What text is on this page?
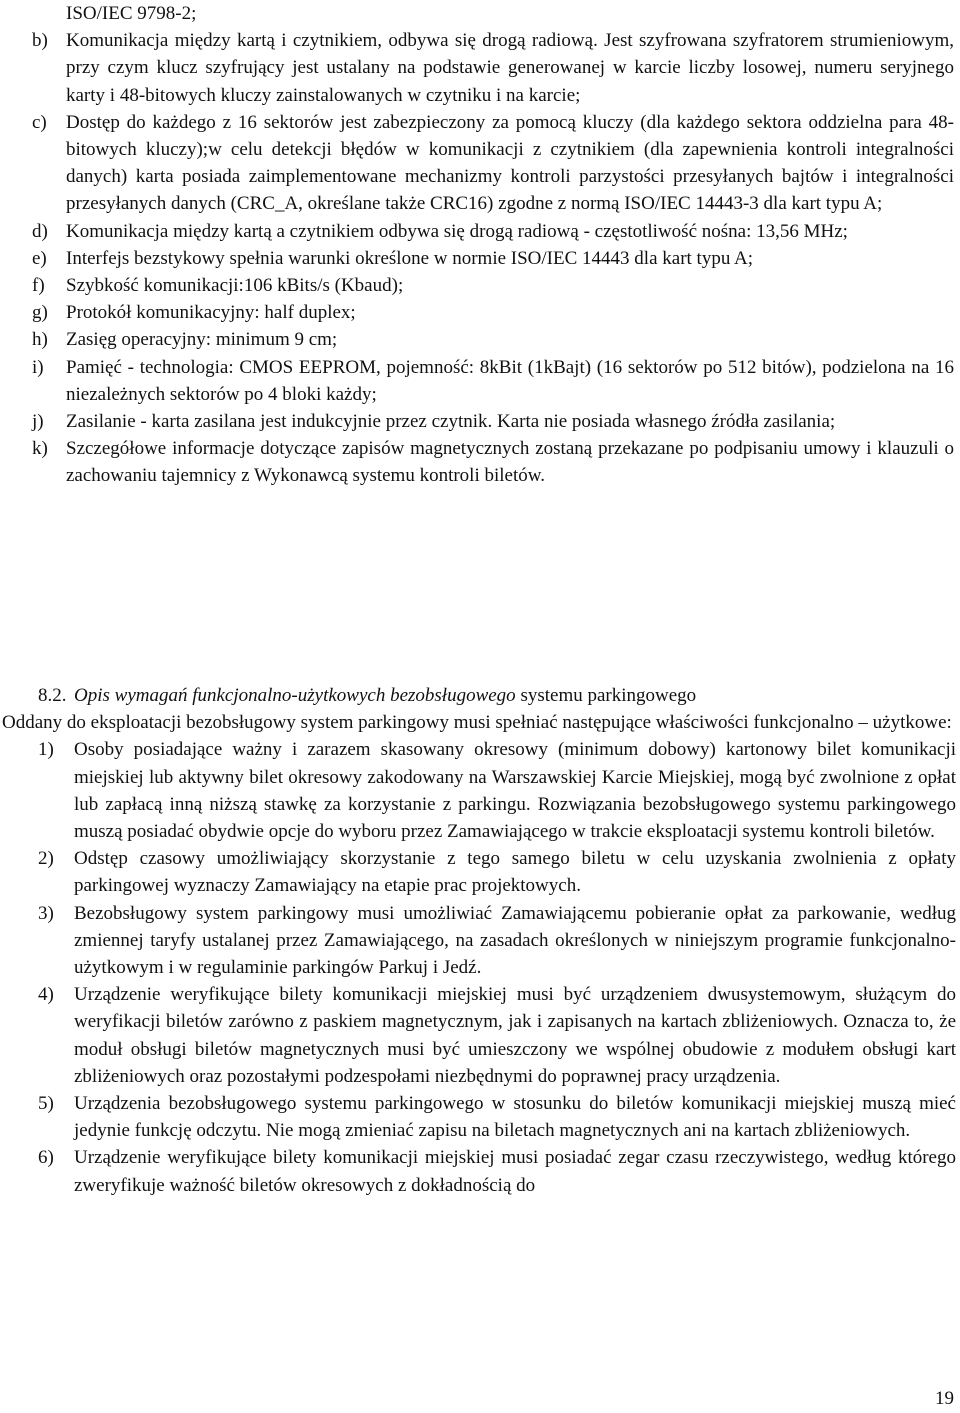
ISO/IEC 9798-2;

b) Komunikacja między kartą i czytnikiem, odbywa się drogą radiową. Jest szyfrowana szyfratorem strumieniowym, przy czym klucz szyfrujący jest ustalany na podstawie generowanej w karcie liczby losowej, numeru seryjnego karty i 48-bitowych kluczy zainstalowanych w czytniku i na karcie;
c)	Dostęp do każdego z 16 sektorów jest zabezpieczony za pomocą kluczy (dla każdego sektora oddzielna para 48-bitowych kluczy);w celu detekcji błędów w komunikacji z czytnikiem (dla zapewnienia kontroli integralności danych) karta posiada zaimplementowane mechanizmy kontroli parzystości przesyłanych bajtów i integralności przesyłanych danych (CRC_A, określane także CRC16) zgodne z normą ISO/IEC 14443-3 dla kart typu A;
d) Komunikacja między kartą a czytnikiem odbywa się drogą radiową - częstotliwość nośna: 13,56 MHz;
e)	Interfejs bezstykowy spełnia warunki określone w normie ISO/IEC 14443 dla kart typu A;
f)	Szybkość komunikacji:106 kBits/s (Kbaud);
g) Protokół komunikacyjny: half duplex;
h) Zasięg operacyjny: minimum 9 cm;
i)	Pamięć - technologia: CMOS EEPROM, pojemność: 8kBit (1kBajt) (16 sektorów po 512 bitów), podzielona na 16 niezależnych sektorów po 4 bloki każdy;
j)	Zasilanie - karta zasilana jest indukcyjnie przez czytnik. Karta nie posiada własnego źródła zasilania;
k) Szczegółowe informacje dotyczące zapisów magnetycznych zostaną przekazane po podpisaniu umowy i klauzuli o zachowaniu tajemnicy z Wykonawcą systemu kontroli biletów.

8.2. Opis wymagań funkcjonalno-użytkowych bezobsługowego systemu parkingowego

Oddany do eksploatacji bezobsługowy system parkingowy musi spełniać następujące właściwości funkcjonalno – użytkowe:

1)	Osoby posiadające ważny i zarazem skasowany okresowy (minimum dobowy) kartonowy bilet komunikacji miejskiej lub aktywny bilet okresowy zakodowany na Warszawskiej Karcie Miejskiej, mogą być zwolnione z opłat lub zapłacą inną niższą stawkę za korzystanie z parkingu. Rozwiązania bezobsługowego systemu parkingowego muszą posiadać obydwie opcje do wyboru przez Zamawiającego w trakcie eksploatacji systemu kontroli biletów.
2)	Odstęp czasowy umożliwiający skorzystanie z tego samego biletu w celu uzyskania zwolnienia z opłaty parkingowej wyznaczy Zamawiający na etapie prac projektowych.
3)	Bezobsługowy system parkingowy musi umożliwiać Zamawiającemu pobieranie opłat za parkowanie, według zmiennej taryfy ustalanej przez Zamawiającego, na zasadach określonych w niniejszym programie funkcjonalno-użytkowym i w regulaminie parkingów Parkuj i Jedź.
4)	Urządzenie weryfikujące bilety komunikacji miejskiej musi być urządzeniem dwusystemowym, służącym do weryfikacji biletów zarówno z paskiem magnetycznym, jak i zapisanych na kartach zbliżeniowych. Oznacza to, że moduł obsługi biletów magnetycznych musi być umieszczony we wspólnej obudowie z modułem obsługi kart zbliżeniowych oraz pozostałymi podzespołami niezbędnymi do poprawnej pracy urządzenia.
5)	Urządzenia bezobsługowego systemu parkingowego w stosunku do biletów komunikacji miejskiej muszą mieć jedynie funkcję odczytu. Nie mogą zmieniać zapisu na biletach magnetycznych ani na kartach zbliżeniowych.
6)	Urządzenie weryfikujące bilety komunikacji miejskiej musi posiadać zegar czasu rzeczywistego, według którego zweryfikuje ważność biletów okresowych z dokładnością do
19
